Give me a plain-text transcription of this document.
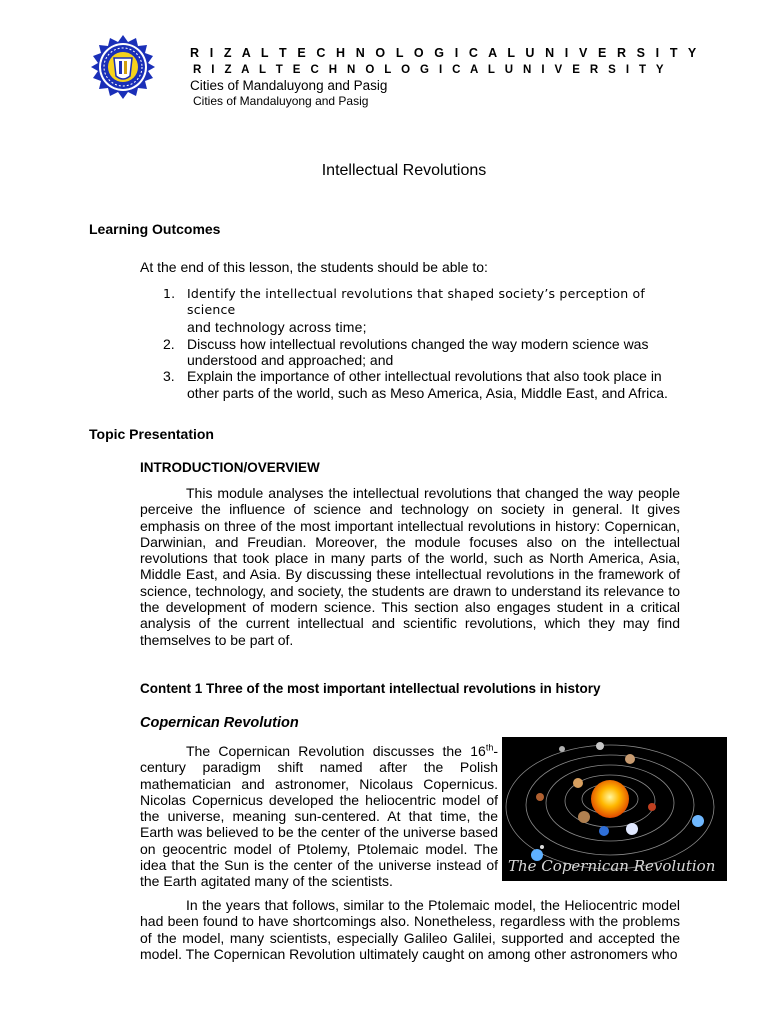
R I Z A L T E C H N O L O G I C A L U N I V E R S I T Y
R I Z A L T E C H N O L O G I C A L U N I V E R S I T Y
Cities of Mandaluyong and Pasig
Cities of Mandaluyong and Pasig
Intellectual Revolutions
Learning Outcomes
At the end of this lesson, the students should be able to:
1. Identify the intellectual revolutions that shaped society’s perception of science
and technology across time;
2. Discuss how intellectual revolutions changed the way modern science was understood and approached; and
3. Explain the importance of other intellectual revolutions that also took place in other parts of the world, such as Meso America, Asia, Middle East, and Africa.
Topic Presentation
INTRODUCTION/OVERVIEW

This module analyses the intellectual revolutions that changed the way people perceive the influence of science and technology on society in general. It gives emphasis on three of the most important intellectual revolutions in history: Copernican, Darwinian, and Freudian. Moreover, the module focuses also on the intellectual revolutions that took place in many parts of the world, such as North America, Asia, Middle East, and Asia. By discussing these intellectual revolutions in the framework of science, technology, and society, the students are drawn to understand its relevance to the development of modern science. This section also engages student in a critical analysis of the current intellectual and scientific revolutions, which they may find themselves to be part of.

Content 1 Three of the most important intellectual revolutions in history
Copernican Revolution

The Copernican Revolution discusses the 16th-century paradigm shift named after the Polish mathematician and astronomer, Nicolaus Copernicus. Nicolas Copernicus developed the heliocentric model of the universe, meaning sun-centered. At that time, the Earth was believed to be the center of the universe based on geocentric model of Ptolemy, Ptolemaic model. The idea that the Sun is the center of the universe instead of the Earth agitated many of the scientists.

The Copernican Revolution

In the years that follows, similar to the Ptolemaic model, the Heliocentric model had been found to have shortcomings also. Nonetheless, regardless with the problems of the model, many scientists, especially Galileo Galilei, supported and accepted the model. The Copernican Revolution ultimately caught on among other astronomers who
